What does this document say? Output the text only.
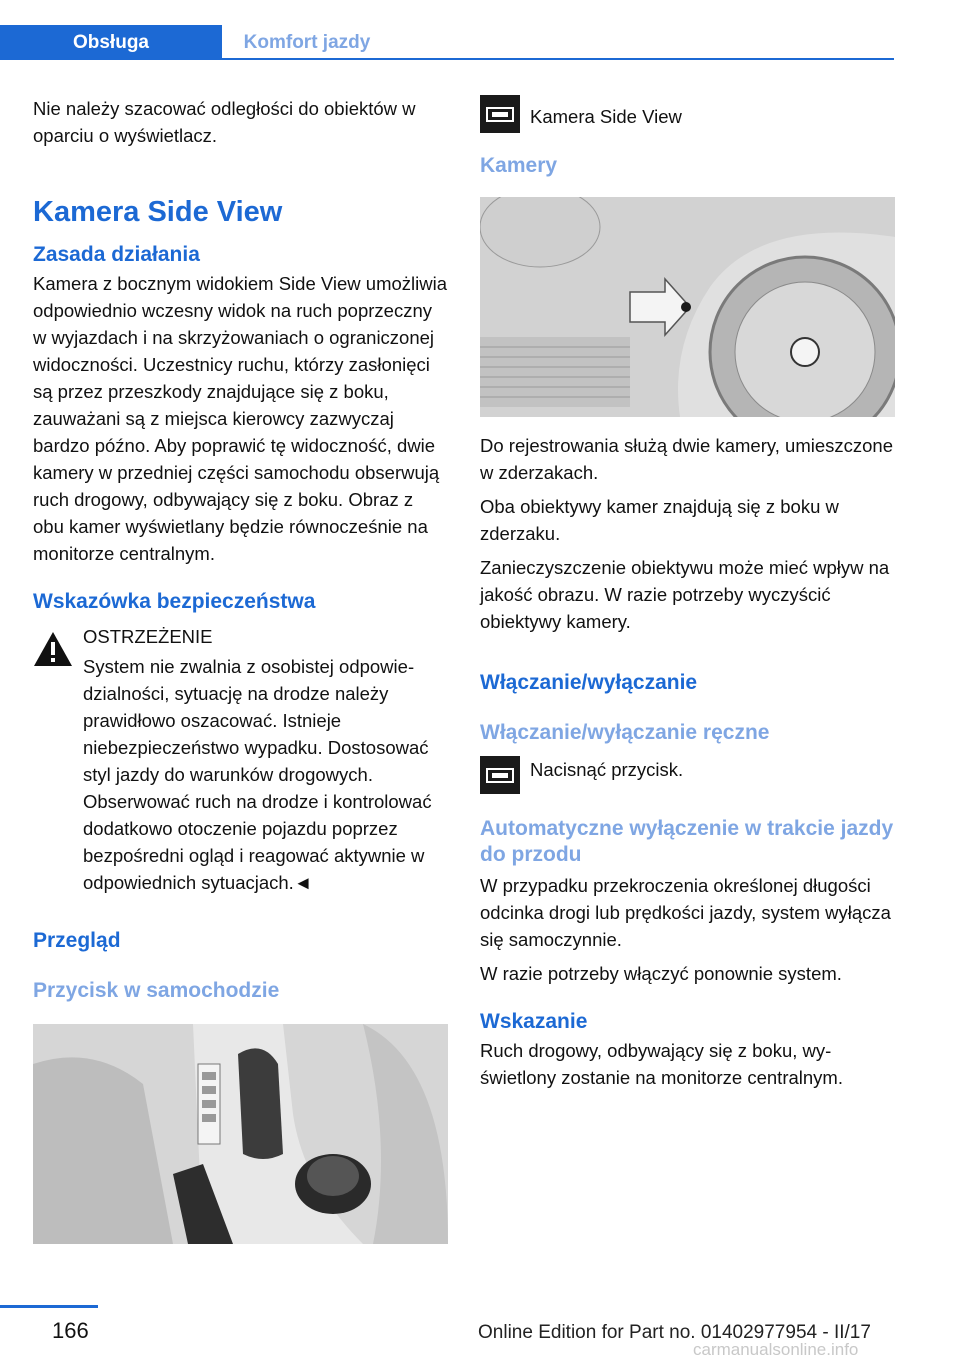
Obsługa	Komfort jazdy

Nie należy szacować odległości do obiektów w oparciu o wyświetlacz.

Kamera Side View
Zasada działania

Kamera z bocznym widokiem Side View umożliwia odpowiednio wczesny widok na ruch poprzeczny w wyjazdach i na skrzyżowaniach o ograniczonej widoczności. Uczestnicy ruchu, którzy zasłonięci są przez przeszkody znajdujące się z boku, zauważani są z miejsca kierowcy zazwyczaj bardzo późno. Aby poprawić tę widoczność, dwie kamery w przedniej części samochodu obserwują ruch drogowy, odbywający się z boku. Obraz z obu kamer wyświetlany będzie równocześnie na monitorze centralnym.

Wskazówka bezpieczeństwa

OSTRZEŻENIE

System nie zwalnia z osobistej odpowiedzialności, sytuację na drodze należy prawidłowo oszacować. Istnieje niebezpieczeństwo wypadku. Dostosować styl jazdy do warunków drogowych. Obserwować ruch na drodze i kontrolować dodatkowo otoczenie pojazdu poprzez bezpośredni ogląd i reagować aktywnie w odpowiednich sytuacjach.◄

Przegląd
Przycisk w samochodzie

Kamera Side View

Kamery

Do rejestrowania służą dwie kamery, umieszczone w zderzakach.

Oba obiektywy kamer znajdują się z boku w zderzaku.

Zanieczyszczenie obiektywu może mieć wpływ na jakość obrazu. W razie potrzeby wyczyścić obiektywy kamery.

Włączanie/wyłączanie
Włączanie/wyłączanie ręczne

Nacisnąć przycisk.

Automatyczne wyłączenie w trakcie jazdy do przodu

W przypadku przekroczenia określonej długości odcinka drogi lub prędkości jazdy, system wyłącza się samoczynnie.

W razie potrzeby włączyć ponownie system.

Wskazanie

Ruch drogowy, odbywający się z boku, wyświetlony zostanie na monitorze centralnym.

166	Online Edition for Part no. 01402977954 - II/17
carmanualsonline.info
